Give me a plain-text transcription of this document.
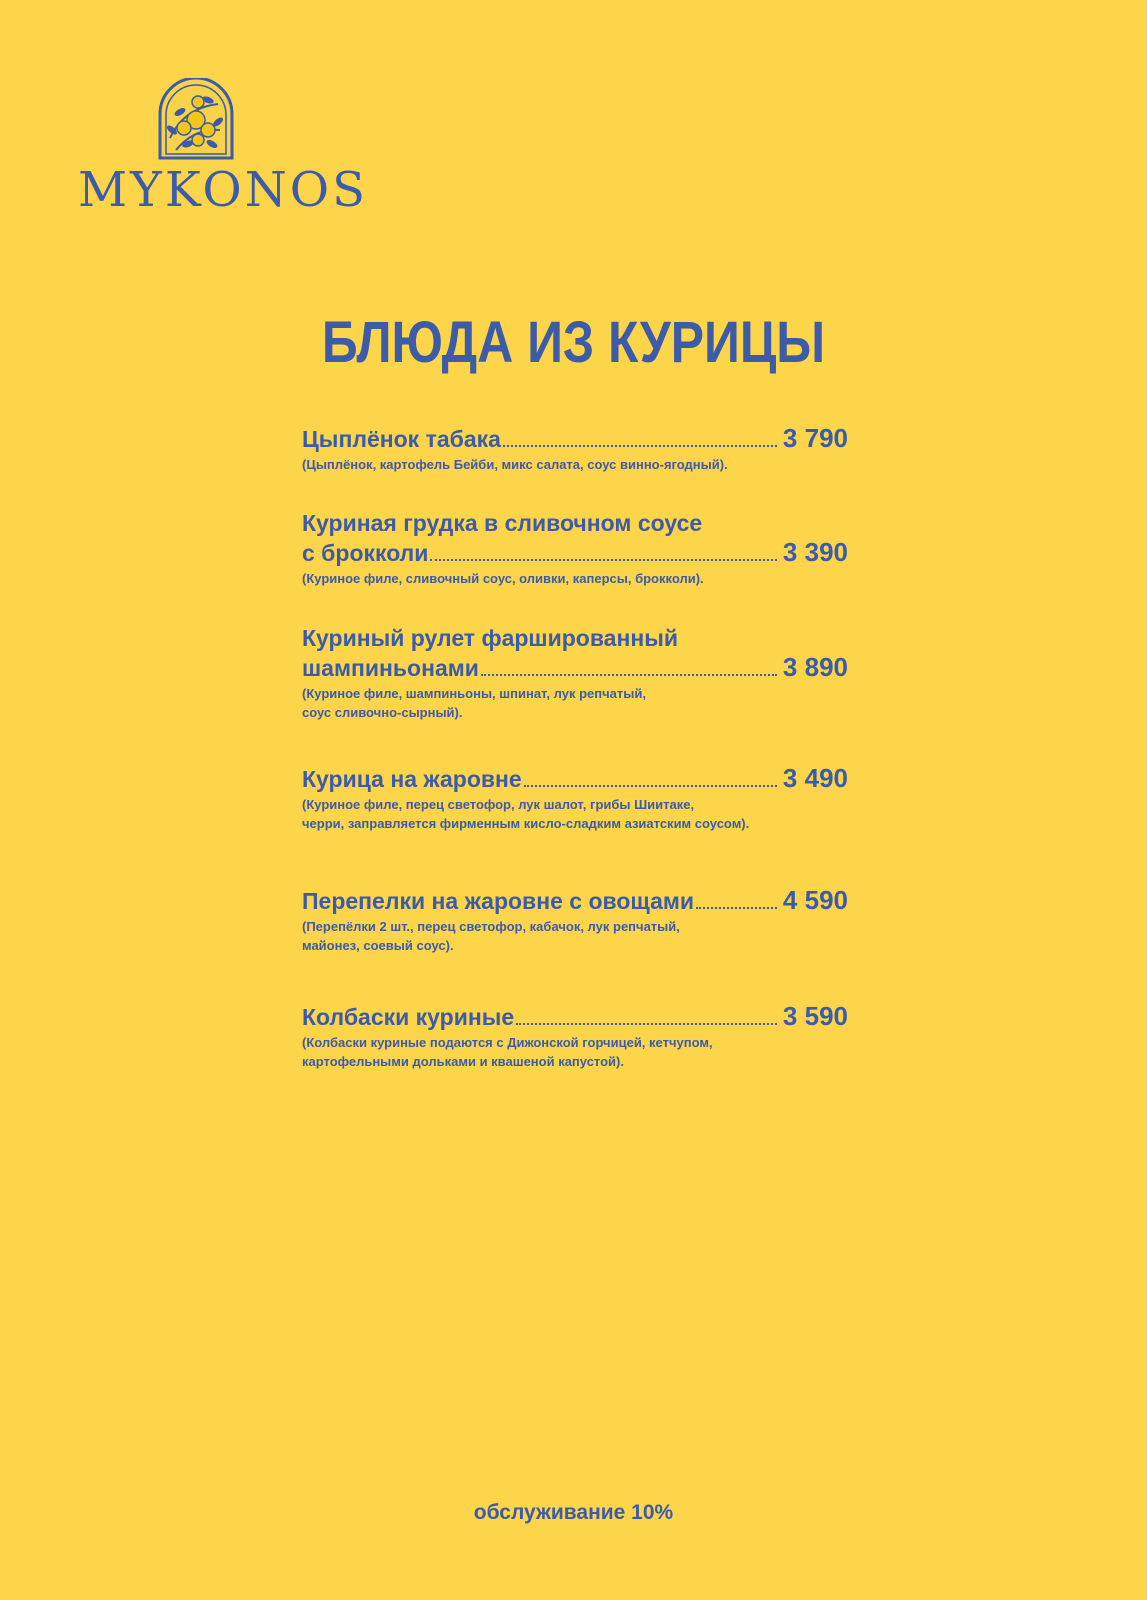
MYKONOS
БЛЮДА ИЗ КУРИЦЫ
Цыплёнок табака	3 790
(Цыплёнок, картофель Бейби, микс салата, соус винно-ягодный).
Куриная грудка в сливочном соусе
с брокколи	3 390
(Куриное филе, сливочный соус, оливки, каперсы, брокколи).
Куриный рулет фаршированный
шампиньонами	3 890
(Куриное филе, шампиньоны, шпинат, лук репчатый,
соус сливочно-сырный).
Курица на жаровне	3 490
(Куриное филе, перец светофор, лук шалот, грибы Шиитаке,
черри, заправляется фирменным кисло-сладким азиатским соусом).
Перепелки на жаровне с овощами	4 590
(Перепёлки 2 шт., перец светофор, кабачок, лук репчатый,
майонез, соевый соус).
Колбаски куриные	3 590
(Колбаски куриные подаются с Дижонской горчицей, кетчупом,
картофельными дольками и квашеной капустой).
обслуживание 10%
